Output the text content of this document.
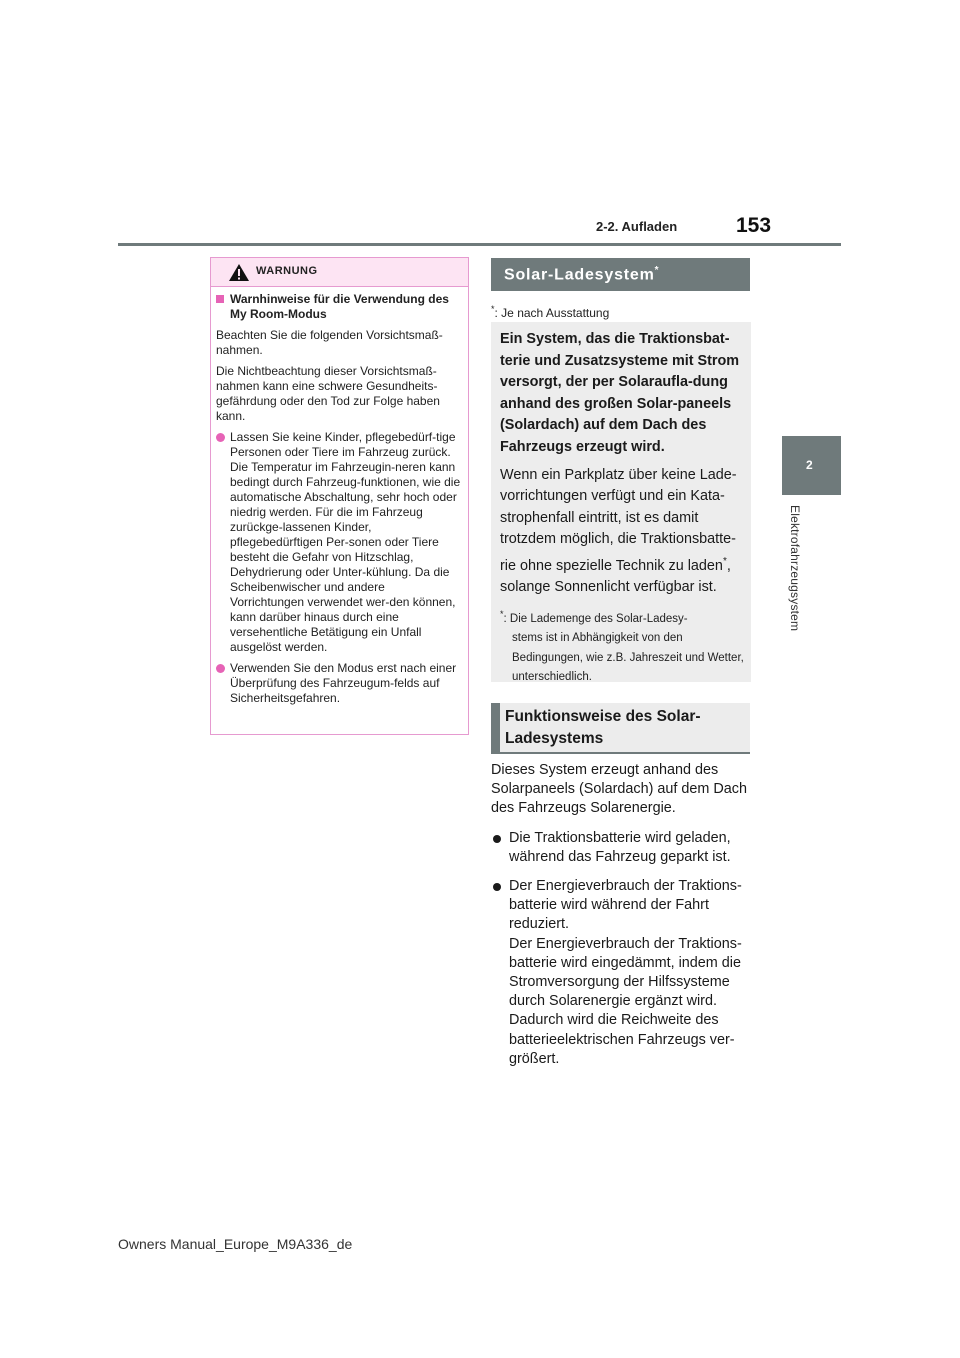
2-2. Aufladen	153
2
Elektrofahrzeugsystem
WARNUNG
Warnhinweise für die Verwendung des My Room-Modus

Beachten Sie die folgenden Vorsichtsmaß-nahmen.

Die Nichtbeachtung dieser Vorsichtsmaß-nahmen kann eine schwere Gesundheits-gefährdung oder den Tod zur Folge haben kann.

Lassen Sie keine Kinder, pflegebedürf-tige Personen oder Tiere im Fahrzeug zurück. Die Temperatur im Fahrzeugin-neren kann bedingt durch Fahrzeug-funktionen, wie die automatische Abschaltung, sehr hoch oder niedrig werden. Für die im Fahrzeug zurückge-lassenen Kinder, pflegebedürftigen Per-sonen oder Tiere besteht die Gefahr von Hitzschlag, Dehydrierung oder Unter-kühlung. Da die Scheibenwischer und andere Vorrichtungen verwendet wer-den können, kann darüber hinaus durch eine versehentliche Betätigung ein Unfall ausgelöst werden.
Verwenden Sie den Modus erst nach einer Überprüfung des Fahrzeugum-felds auf Sicherheitsgefahren.
Solar-Ladesystem*
*: Je nach Ausstattung

Ein System, das die Traktionsbat-terie und Zusatzsysteme mit Strom versorgt, der per Solaraufla-dung anhand des großen Solar-paneels (Solardach) auf dem Dach des Fahrzeugs erzeugt wird.

Wenn ein Parkplatz über keine Lade-vorrichtungen verfügt und ein Kata-strophenfall eintritt, ist es damit trotzdem möglich, die Traktionsbatte-rie ohne spezielle Technik zu laden*, solange Sonnenlicht verfügbar ist.

*: Die Lademenge des Solar-Ladesy-
stems ist in Abhängigkeit von den Bedingungen, wie z.B. Jahreszeit und Wetter, unterschiedlich.

Funktionsweise des Solar-Ladesystems

Dieses System erzeugt anhand des Solarpaneels (Solardach) auf dem Dach des Fahrzeugs Solarenergie.

Die Traktionsbatterie wird geladen, während das Fahrzeug geparkt ist.
Der Energieverbrauch der Traktions-batterie wird während der Fahrt reduziert.
Der Energieverbrauch der Traktions-batterie wird eingedämmt, indem die Stromversorgung der Hilfssysteme durch Solarenergie ergänzt wird. Dadurch wird die Reichweite des batterieelektrischen Fahrzeugs ver-größert.
Owners Manual_Europe_M9A336_de
